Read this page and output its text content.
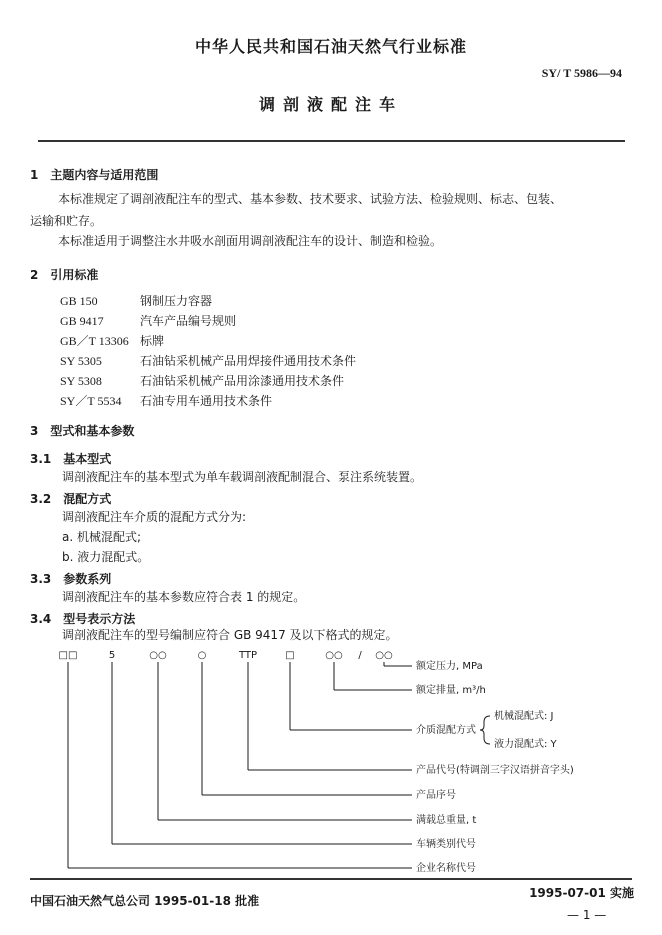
中华人民共和国石油天然气行业标准
SY/ T 5986—94
调剖液配注车
1　主题内容与适用范围
本标准规定了调剖液配注车的型式、基本参数、技术要求、试验方法、检验规则、标志、包装、
运输和贮存。
本标准适用于调整注水井吸水剖面用调剖液配注车的设计、制造和检验。
2　引用标准
GB 150	钢制压力容器
GB 9417	汽车产品编号规则
GB／T 13306 标牌
SY 5305	石油钻采机械产品用焊接件通用技术条件
SY 5308	石油钻采机械产品用涂漆通用技术条件
SY／T 5534 石油专用车通用技术条件
3　型式和基本参数
3.1　基本型式
调剖液配注车的基本型式为单车载调剖液配制混合、泵注系统装置。
3.2　混配方式
调剖液配注车介质的混配方式分为:
a. 机械混配式;
b. 液力混配式。
3.3　参数系列
调剖液配注车的基本参数应符合表 1 的规定。
3.4　型号表示方法
调剖液配注车的型号编制应符合 GB 9417 及以下格式的规定。
□□	5	○○	○	TTP	□	○○ / ○○
额定压力, MPa
额定排量, m³/h
介质混配方式
机械混配式: J
液力混配式: Y
产品代号(特调剖三字汉语拼音字头)
产品序号
满载总重量, t
车辆类别代号
企业名称代号
中国石油天然气总公司 1995-01-18 批准
1995-07-01 实施
— 1 —
